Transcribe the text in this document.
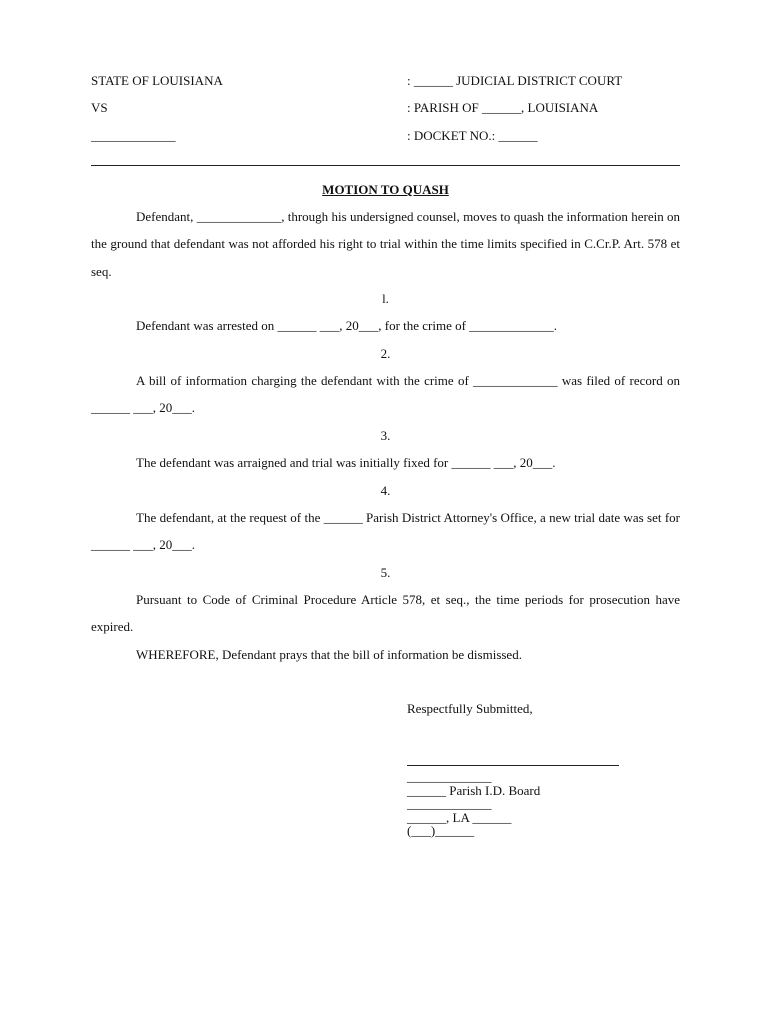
STATE OF LOUISIANA
VS
_____________
: ______ JUDICIAL DISTRICT COURT
: PARISH OF ______, LOUISIANA
: DOCKET NO.: ______
MOTION TO QUASH
Defendant, _____________, through his undersigned counsel, moves to quash the information herein on the ground that defendant was not afforded his right to trial within the time limits specified in C.Cr.P. Art. 578 et seq.
l.
Defendant was arrested on ______ ___, 20___, for the crime of _____________.
2.
A bill of information charging the defendant with the crime of _____________ was filed of record on ______ ___, 20___.
3.
The defendant was arraigned and trial was initially fixed for ______ ___, 20___.
4.
The defendant, at the request of the ______ Parish District Attorney's Office, a new trial date was set for ______ ___, 20___.
5.
Pursuant to Code of Criminal Procedure Article 578, et seq., the time periods for prosecution have expired.
WHEREFORE, Defendant prays that the bill of information be dismissed.
Respectfully Submitted,
_____________
______ Parish I.D. Board
_____________
______, LA ______
(___)______
